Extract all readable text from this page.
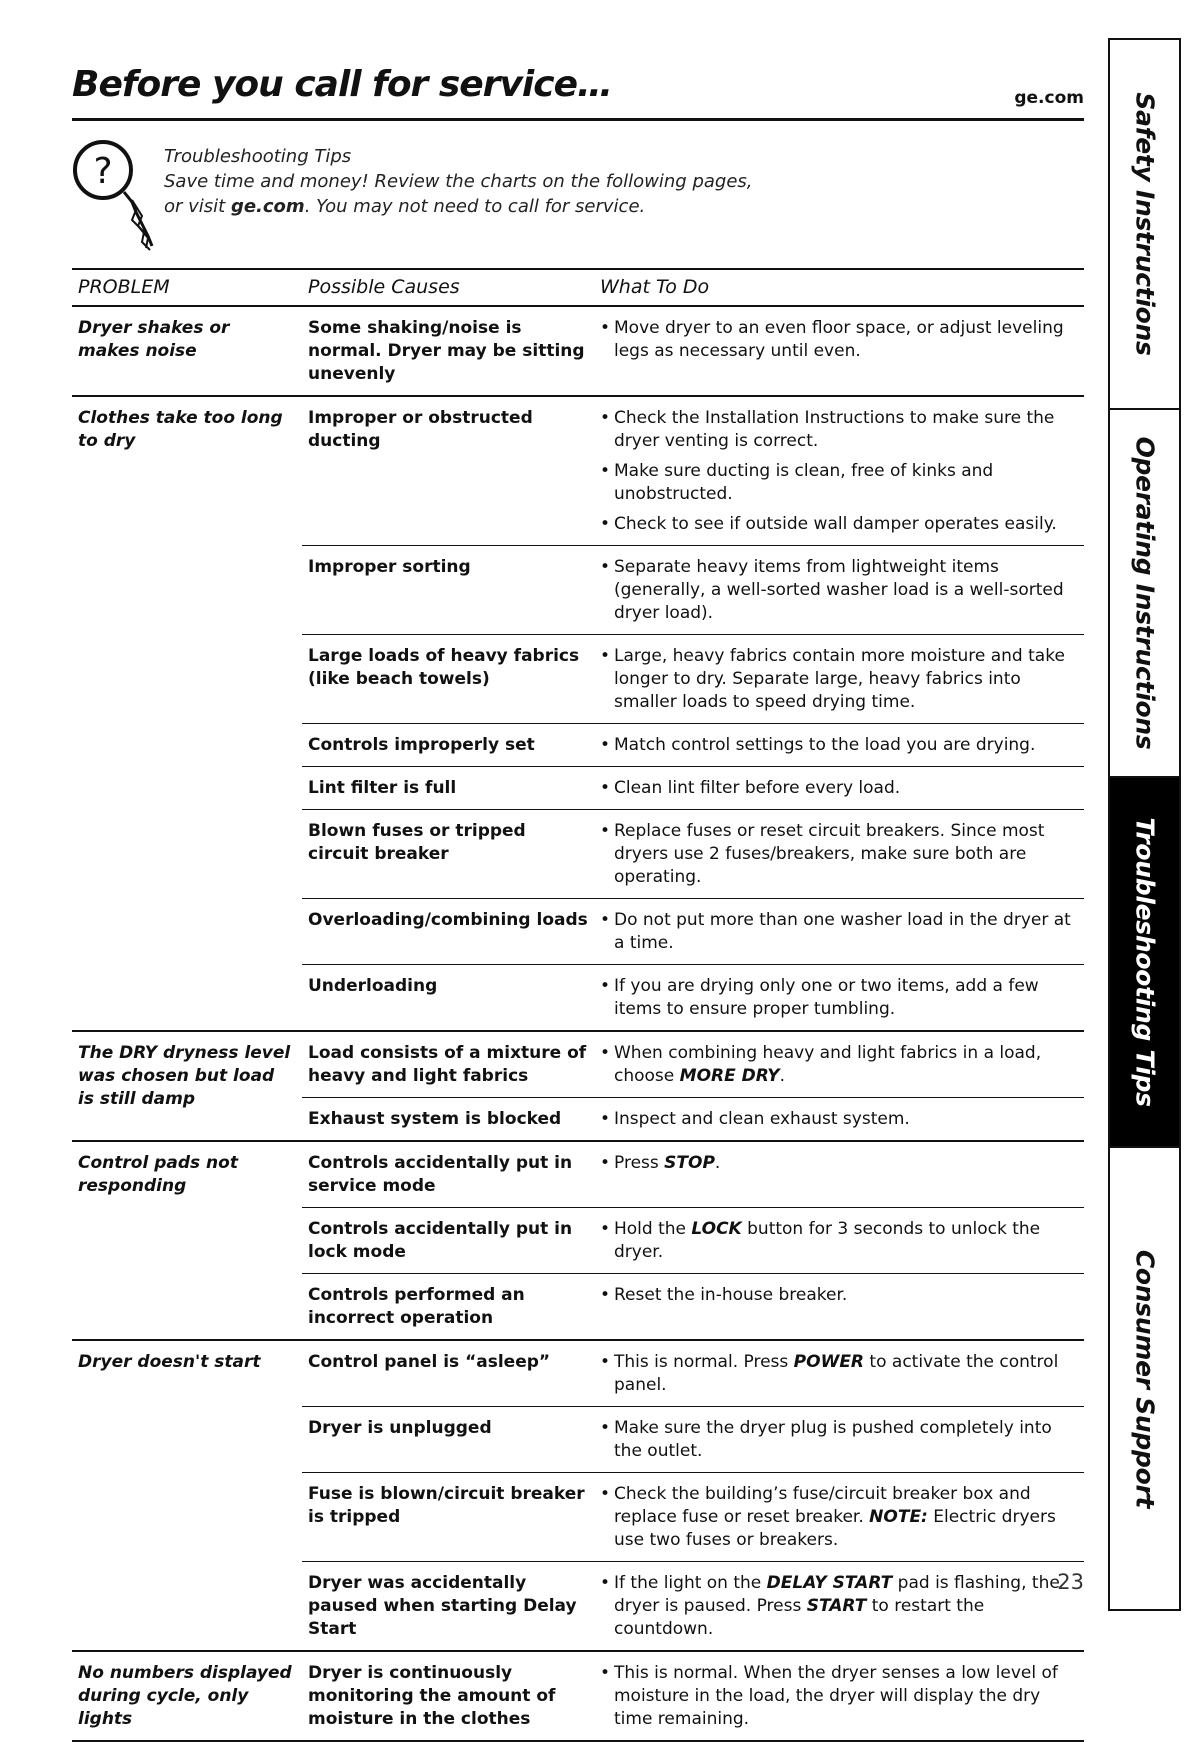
Before you call for service…	ge.com
?	Troubleshooting Tips
Save time and money! Review the charts on the following pages,
or visit ge.com. You may not need to call for service.
PROBLEM	Possible Causes	What To Do
Dryer shakes or makes noise	Some shaking/noise is normal. Dryer may be sitting unevenly	• Move dryer to an even floor space, or adjust leveling legs as necessary until even.

Clothes take too long to dry	Improper or obstructed ducting	• Check the Installation Instructions to make sure the dryer venting is correct.
• Make sure ducting is clean, free of kinks and unobstructed.
• Check to see if outside wall damper operates easily.

	Improper sorting	• Separate heavy items from lightweight items (generally, a well-sorted washer load is a well-sorted dryer load).

	Large loads of heavy fabrics (like beach towels)	• Large, heavy fabrics contain more moisture and take longer to dry. Separate large, heavy fabrics into smaller loads to speed drying time.

	Controls improperly set	• Match control settings to the load you are drying.

	Lint filter is full	• Clean lint filter before every load.

	Blown fuses or tripped circuit breaker	• Replace fuses or reset circuit breakers. Since most dryers use 2 fuses/breakers, make sure both are operating.

	Overloading/combining loads	• Do not put more than one washer load in the dryer at a time.

	Underloading	• If you are drying only one or two items, add a few items to ensure proper tumbling.

The DRY dryness level was chosen but load is still damp	Load consists of a mixture of heavy and light fabrics	• When combining heavy and light fabrics in a load, choose MORE DRY.

	Exhaust system is blocked	• Inspect and clean exhaust system.

Control pads not responding	Controls accidentally put in service mode	• Press STOP.

	Controls accidentally put in lock mode	• Hold the LOCK button for 3 seconds to unlock the dryer.

	Controls performed an incorrect operation	• Reset the in-house breaker.

Dryer doesn't start	Control panel is “asleep”	• This is normal. Press POWER to activate the control panel.

	Dryer is unplugged	• Make sure the dryer plug is pushed completely into the outlet.

	Fuse is blown/circuit breaker is tripped	• Check the building’s fuse/circuit breaker box and replace fuse or reset breaker. NOTE: Electric dryers use two fuses or breakers.

	Dryer was accidentally paused when starting Delay Start	• If the light on the DELAY START pad is flashing, the dryer is paused. Press START to restart the countdown.

No numbers displayed during cycle, only lights	Dryer is continuously monitoring the amount of moisture in the clothes	• This is normal. When the dryer senses a low level of moisture in the load, the dryer will display the dry time remaining.
23
Safety Instructions
Operating Instructions
Troubleshooting Tips
Consumer Support
